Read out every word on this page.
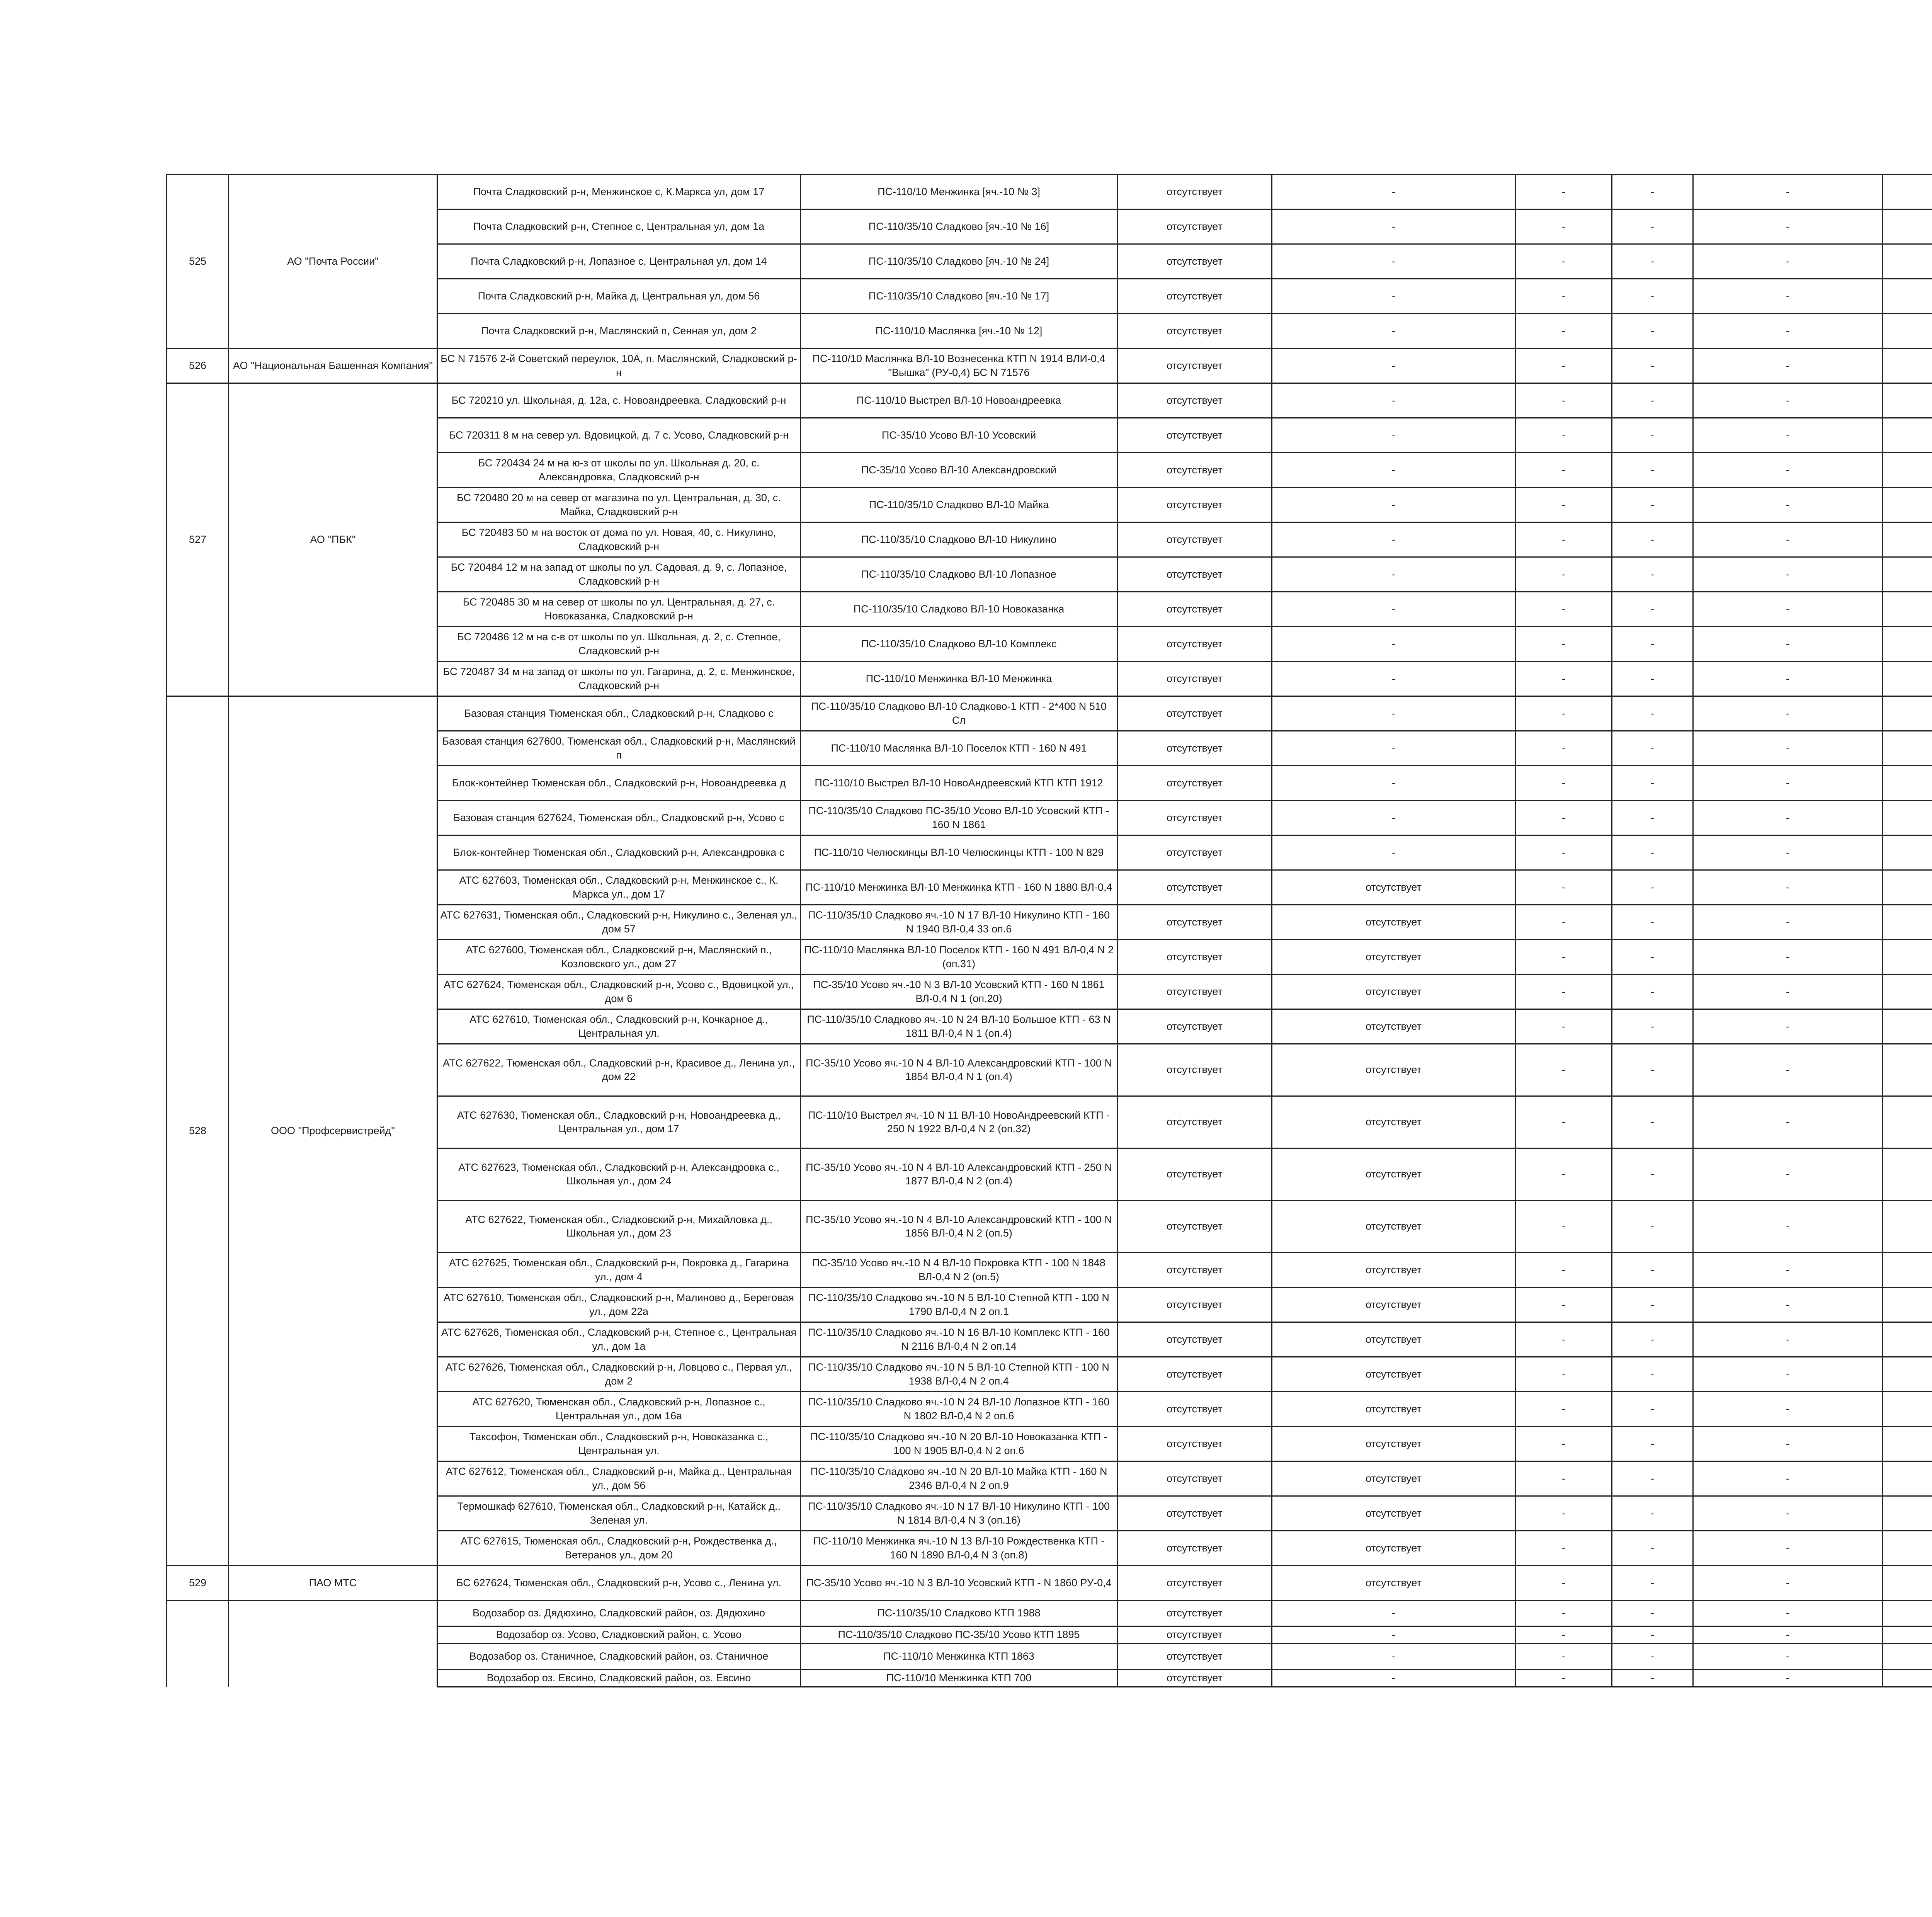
525	АО "Почта России"	Почта Сладковский р-н, Менжинское с, К.Маркса ул, дом 17	ПС-110/10 Менжинка [яч.-10 № 3]	отсутствует	-	-	-	-		
		Почта Сладковский р-н, Степное с, Центральная ул, дом 1а	ПС-110/35/10 Сладково [яч.-10 № 16]	отсутствует	-	-	-	-		
		Почта Сладковский р-н, Лопазное с, Центральная ул, дом 14	ПС-110/35/10 Сладково [яч.-10 № 24]	отсутствует	-	-	-	-		
		Почта Сладковский р-н, Майка д, Центральная ул, дом 56	ПС-110/35/10 Сладково [яч.-10 № 17]	отсутствует	-	-	-	-		
		Почта Сладковский р-н, Маслянский п, Сенная ул, дом 2	ПС-110/10 Маслянка [яч.-10 № 12]	отсутствует	-	-	-	-		
526	АО "Национальная Башенная Компания"	БС N 71576 2-й Советский переулок, 10А, п. Маслянский, Сладковский р-н	ПС-110/10 Маслянка ВЛ-10 Вознесенка КТП N 1914 ВЛИ-0,4 "Вышка" (РУ-0,4) БС N 71576	отсутствует	-	-	-	-		
527	АО "ПБК"	БС 720210 ул. Школьная, д. 12а, с. Новоандреевка, Сладковский р-н	ПС-110/10 Выстрел ВЛ-10 Новоандреевка	отсутствует	-	-	-	-		
		БС 720311 8 м на север ул. Вдовицкой, д. 7 с. Усово, Сладковский р-н	ПС-35/10 Усово ВЛ-10 Усовский	отсутствует	-	-	-	-		
		БС 720434 24 м на ю-з от школы по ул. Школьная д. 20, с. Александровка, Сладковский р-н	ПС-35/10 Усово ВЛ-10 Александровский	отсутствует	-	-	-	-		
		БС 720480 20 м на север от магазина по ул. Центральная, д. 30, с. Майка, Сладковский р-н	ПС-110/35/10 Сладково ВЛ-10 Майка	отсутствует	-	-	-	-		
		БС 720483 50 м на восток от дома по ул. Новая, 40, с. Никулино, Сладковский р-н	ПС-110/35/10 Сладково ВЛ-10 Никулино	отсутствует	-	-	-	-		
		БС 720484 12 м на запад от школы по ул. Садовая, д. 9, с. Лопазное, Сладковский р-н	ПС-110/35/10 Сладково ВЛ-10 Лопазное	отсутствует	-	-	-	-		
		БС 720485 30 м на север от школы по ул. Центральная, д. 27, с. Новоказанка, Сладковский р-н	ПС-110/35/10 Сладково ВЛ-10 Новоказанка	отсутствует	-	-	-	-		
		БС 720486 12 м на с-в от школы по ул. Школьная, д. 2, с. Степное, Сладковский р-н	ПС-110/35/10 Сладково ВЛ-10 Комплекс	отсутствует	-	-	-	-		
		БС 720487 34 м на запад от школы по ул. Гагарина, д. 2, с. Менжинское, Сладковский р-н	ПС-110/10 Менжинка ВЛ-10 Менжинка	отсутствует	-	-	-	-		
528	ООО "Профсервистрейд"	Базовая станция Тюменская обл., Сладковский р-н, Сладково с	ПС-110/35/10 Сладково ВЛ-10 Сладково-1 КТП - 2*400 N 510 Сл	отсутствует	-	-	-	-		
		Базовая станция 627600, Тюменская обл., Сладковский р-н, Маслянский п	ПС-110/10 Маслянка ВЛ-10 Поселок КТП - 160 N 491	отсутствует	-	-	-	-		
		Блок-контейнер Тюменская обл., Сладковский р-н, Новоандреевка д	ПС-110/10 Выстрел ВЛ-10 НовоАндреевский КТП КТП 1912	отсутствует	-	-	-	-		
		Базовая станция 627624, Тюменская обл., Сладковский р-н, Усово с	ПС-110/35/10 Сладково ПС-35/10 Усово ВЛ-10 Усовский КТП - 160 N 1861	отсутствует	-	-	-	-		
		Блок-контейнер Тюменская обл., Сладковский р-н, Александровка с	ПС-110/10 Челюскинцы ВЛ-10 Челюскинцы КТП - 100 N 829	отсутствует	-	-	-	-		
		АТС 627603, Тюменская обл., Сладковский р-н, Менжинское с., К. Маркса ул., дом 17	ПС-110/10 Менжинка ВЛ-10 Менжинка КТП - 160 N 1880 ВЛ-0,4	отсутствует	отсутствует	-	-	-		
		АТС 627631, Тюменская обл., Сладковский р-н, Никулино с., Зеленая ул., дом 57	ПС-110/35/10 Сладково яч.-10 N 17 ВЛ-10 Никулино КТП - 160 N 1940 ВЛ-0,4 33 оп.6	отсутствует	отсутствует	-	-	-		
		АТС 627600, Тюменская обл., Сладковский р-н, Маслянский п., Козловского ул., дом 27	ПС-110/10 Маслянка ВЛ-10 Поселок КТП - 160 N 491 ВЛ-0,4 N 2 (оп.31)	отсутствует	отсутствует	-	-	-		
		АТС 627624, Тюменская обл., Сладковский р-н, Усово с., Вдовицкой ул., дом 6	ПС-35/10 Усово яч.-10 N 3 ВЛ-10 Усовский КТП - 160 N 1861 ВЛ-0,4 N 1 (оп.20)	отсутствует	отсутствует	-	-	-		
		АТС 627610, Тюменская обл., Сладковский р-н, Кочкарное д., Центральная ул.	ПС-110/35/10 Сладково яч.-10 N 24 ВЛ-10 Большое КТП - 63 N 1811 ВЛ-0,4 N 1 (оп.4)	отсутствует	отсутствует	-	-	-		
		АТС 627622, Тюменская обл., Сладковский р-н, Красивое д., Ленина ул., дом 22	ПС-35/10 Усово яч.-10 N 4 ВЛ-10 Александровский КТП - 100 N 1854 ВЛ-0,4 N 1 (оп.4)	отсутствует	отсутствует	-	-	-		
		АТС 627630, Тюменская обл., Сладковский р-н, Новоандреевка д., Центральная ул., дом 17	ПС-110/10 Выстрел яч.-10 N 11 ВЛ-10 НовоАндреевский КТП - 250 N 1922 ВЛ-0,4 N 2 (оп.32)	отсутствует	отсутствует	-	-	-		
		АТС 627623, Тюменская обл., Сладковский р-н, Александровка с., Школьная ул., дом 24	ПС-35/10 Усово яч.-10 N 4 ВЛ-10 Александровский КТП - 250 N 1877 ВЛ-0,4 N 2 (оп.4)	отсутствует	отсутствует	-	-	-		
		АТС 627622, Тюменская обл., Сладковский р-н, Михайловка д., Школьная ул., дом 23	ПС-35/10 Усово яч.-10 N 4 ВЛ-10 Александровский КТП - 100 N 1856 ВЛ-0,4 N 2 (оп.5)	отсутствует	отсутствует	-	-	-		
		АТС 627625, Тюменская обл., Сладковский р-н, Покровка д., Гагарина ул., дом 4	ПС-35/10 Усово яч.-10 N 4 ВЛ-10 Покровка КТП - 100 N 1848 ВЛ-0,4 N 2 (оп.5)	отсутствует	отсутствует	-	-	-		
		АТС 627610, Тюменская обл., Сладковский р-н, Малиново д., Береговая ул., дом 22а	ПС-110/35/10 Сладково яч.-10 N 5 ВЛ-10 Степной КТП - 100 N 1790 ВЛ-0,4 N 2 оп.1	отсутствует	отсутствует	-	-	-		
		АТС 627626, Тюменская обл., Сладковский р-н, Степное с., Центральная ул., дом 1а	ПС-110/35/10 Сладково яч.-10 N 16 ВЛ-10 Комплекс КТП - 160 N 2116 ВЛ-0,4 N 2 оп.14	отсутствует	отсутствует	-	-	-		
		АТС 627626, Тюменская обл., Сладковский р-н, Ловцово с., Первая ул., дом 2	ПС-110/35/10 Сладково яч.-10 N 5 ВЛ-10 Степной КТП - 100 N 1938 ВЛ-0,4 N 2 оп.4	отсутствует	отсутствует	-	-	-		
		АТС 627620, Тюменская обл., Сладковский р-н, Лопазное с., Центральная ул., дом 16а	ПС-110/35/10 Сладково яч.-10 N 24 ВЛ-10 Лопазное КТП - 160 N 1802 ВЛ-0,4 N 2 оп.6	отсутствует	отсутствует	-	-	-		
		Таксофон, Тюменская обл., Сладковский р-н, Новоказанка с., Центральная ул.	ПС-110/35/10 Сладково яч.-10 N 20 ВЛ-10 Новоказанка КТП - 100 N 1905 ВЛ-0,4 N 2 оп.6	отсутствует	отсутствует	-	-	-		
		АТС 627612, Тюменская обл., Сладковский р-н, Майка д., Центральная ул., дом 56	ПС-110/35/10 Сладково яч.-10 N 20 ВЛ-10 Майка КТП - 160 N 2346 ВЛ-0,4 N 2 оп.9	отсутствует	отсутствует	-	-	-		
		Термошкаф 627610, Тюменская обл., Сладковский р-н, Катайск д., Зеленая ул.	ПС-110/35/10 Сладково яч.-10 N 17 ВЛ-10 Никулино КТП - 100 N 1814 ВЛ-0,4 N 3 (оп.16)	отсутствует	отсутствует	-	-	-		
		АТС 627615, Тюменская обл., Сладковский р-н, Рождественка д., Ветеранов ул., дом 20	ПС-110/10 Менжинка яч.-10 N 13 ВЛ-10 Рождественка КТП - 160 N 1890 ВЛ-0,4 N 3 (оп.8)	отсутствует	отсутствует	-	-	-		
529	ПАО МТС	БС 627624, Тюменская обл., Сладковский р-н, Усово с., Ленина ул.	ПС-35/10 Усово яч.-10 N 3 ВЛ-10 Усовский КТП - N 1860 РУ-0,4	отсутствует	отсутствует	-	-	-		
		Водозабор оз. Дядюхино, Сладковский район, оз. Дядюхино	ПС-110/35/10 Сладково КТП 1988	отсутствует	-	-	-	-		
		Водозабор оз. Усово, Сладковский район, с. Усово	ПС-110/35/10 Сладково ПС-35/10 Усово КТП 1895	отсутствует	-	-	-	-		
		Водозабор оз. Станичное, Сладковский район, оз. Станичное	ПС-110/10 Менжинка КТП 1863	отсутствует	-	-	-	-		
		Водозабор оз. Евсино, Сладковский район, оз. Евсино	ПС-110/10 Менжинка КТП 700	отсутствует	-	-	-	-		
